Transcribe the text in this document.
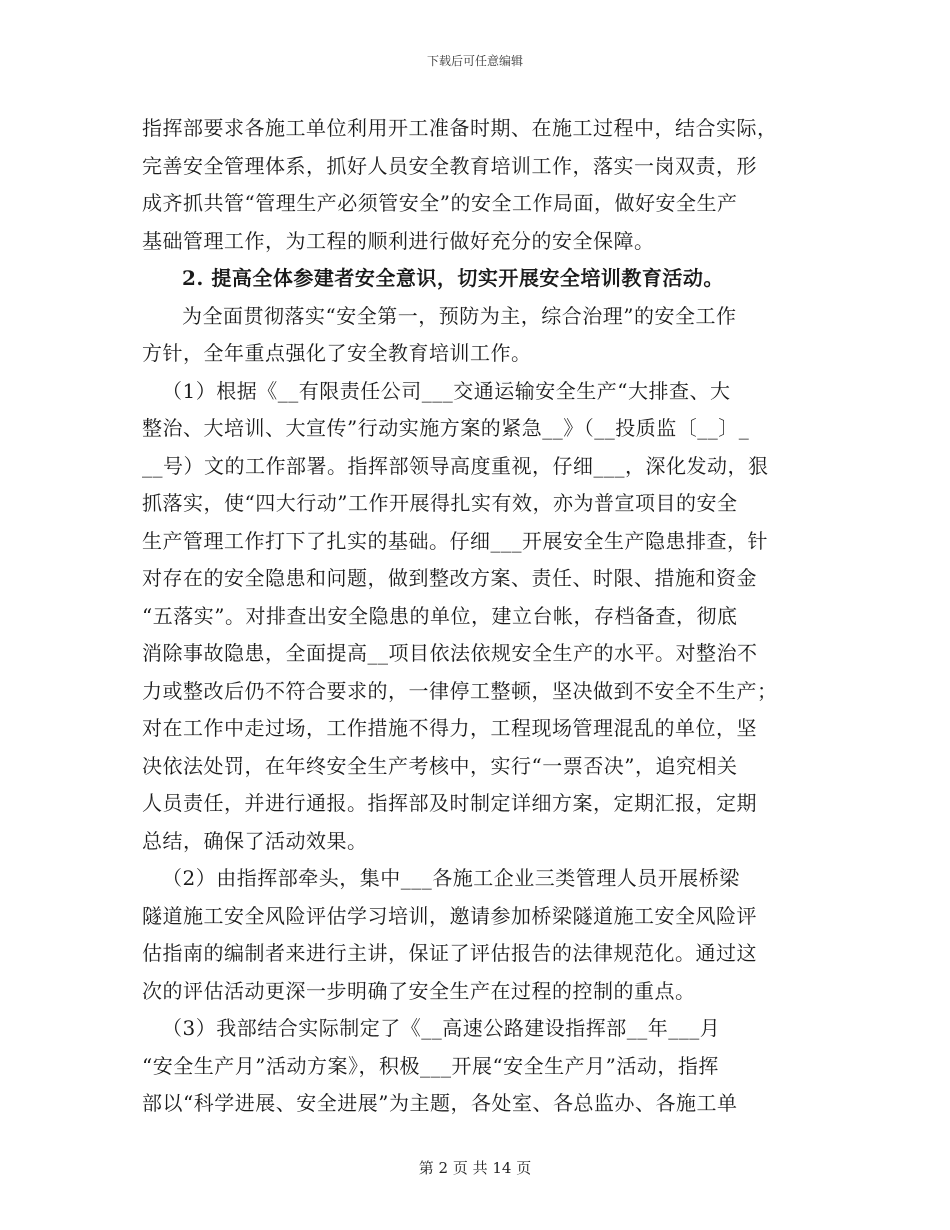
下载后可任意编辑
指挥部要求各施工单位利用开工准备时期、在施工过程中，结合实际，
完善安全管理体系，抓好人员安全教育培训工作，落实一岗双责，形
成齐抓共管“管理生产必须管安全”的安全工作局面，做好安全生产
基础管理工作，为工程的顺利进行做好充分的安全保障。
2. 提高全体参建者安全意识，切实开展安全培训教育活动。
为全面贯彻落实“安全第一，预防为主，综合治理”的安全工作
方针，全年重点强化了安全教育培训工作。
（1）根据《__有限责任公司___交通运输安全生产“大排查、大
整治、大培训、大宣传”行动实施方案的紧急__》（__投质监〔__〕_
__号）文的工作部署。指挥部领导高度重视，仔细___，深化发动，狠
抓落实，使“四大行动”工作开展得扎实有效，亦为普宣项目的安全
生产管理工作打下了扎实的基础。仔细___开展安全生产隐患排查，针
对存在的安全隐患和问题，做到整改方案、责任、时限、措施和资金
“五落实”。对排查出安全隐患的单位，建立台帐，存档备查，彻底
消除事故隐患，全面提高__项目依法依规安全生产的水平。对整治不
力或整改后仍不符合要求的，一律停工整顿，坚决做到不安全不生产；
对在工作中走过场，工作措施不得力，工程现场管理混乱的单位，坚
决依法处罚，在年终安全生产考核中，实行“一票否决”，追究相关
人员责任，并进行通报。指挥部及时制定详细方案，定期汇报，定期
总结，确保了活动效果。
（2）由指挥部牵头，集中___各施工企业三类管理人员开展桥梁
隧道施工安全风险评估学习培训，邀请参加桥梁隧道施工安全风险评
估指南的编制者来进行主讲，保证了评估报告的法律规范化。通过这
次的评估活动更深一步明确了安全生产在过程的控制的重点。
（3）我部结合实际制定了《__高速公路建设指挥部__年___月
“安全生产月”活动方案》，积极___开展“安全生产月”活动，指挥
部以“科学进展、安全进展”为主题，各处室、各总监办、各施工单
第 2 页 共 14 页
